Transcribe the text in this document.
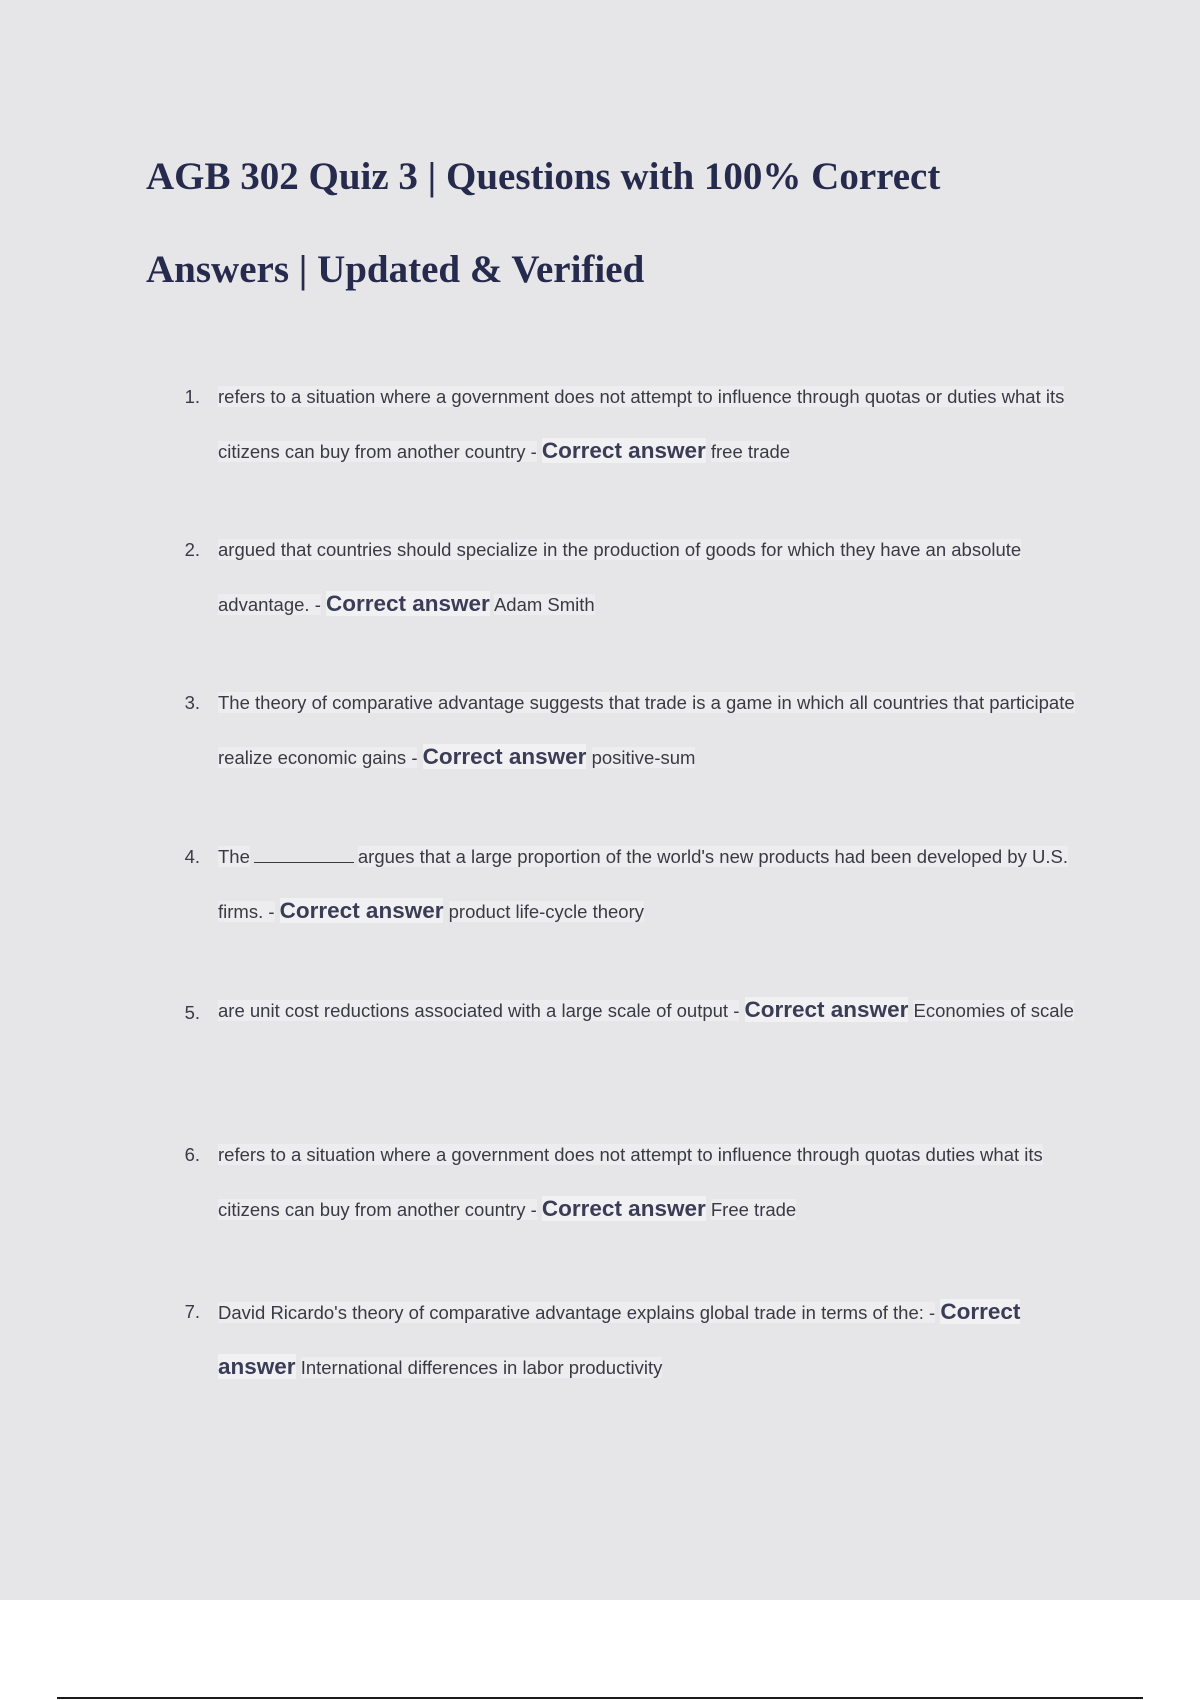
AGB 302 Quiz 3 | Questions with 100% Correct Answers | Updated & Verified
1. refers to a situation where a government does not attempt to influence through quotas or duties what its citizens can buy from another country - Correct answer free trade
2. argued that countries should specialize in the production of goods for which they have an absolute advantage. - Correct answer Adam Smith
3. The theory of comparative advantage suggests that trade is a game in which all countries that participate realize economic gains - Correct answer positive-sum
4. The	argues that a large proportion of the world's new products had been developed by U.S. firms. - Correct answer product life-cycle theory
5. are unit cost reductions associated with a large scale of output - Correct answer Economies of scale
6. refers to a situation where a government does not attempt to influence through quotas duties what its citizens can buy from another country - Correct answer Free trade
7. David Ricardo's theory of comparative advantage explains global trade in terms of the: - Correct answer International differences in labor productivity
